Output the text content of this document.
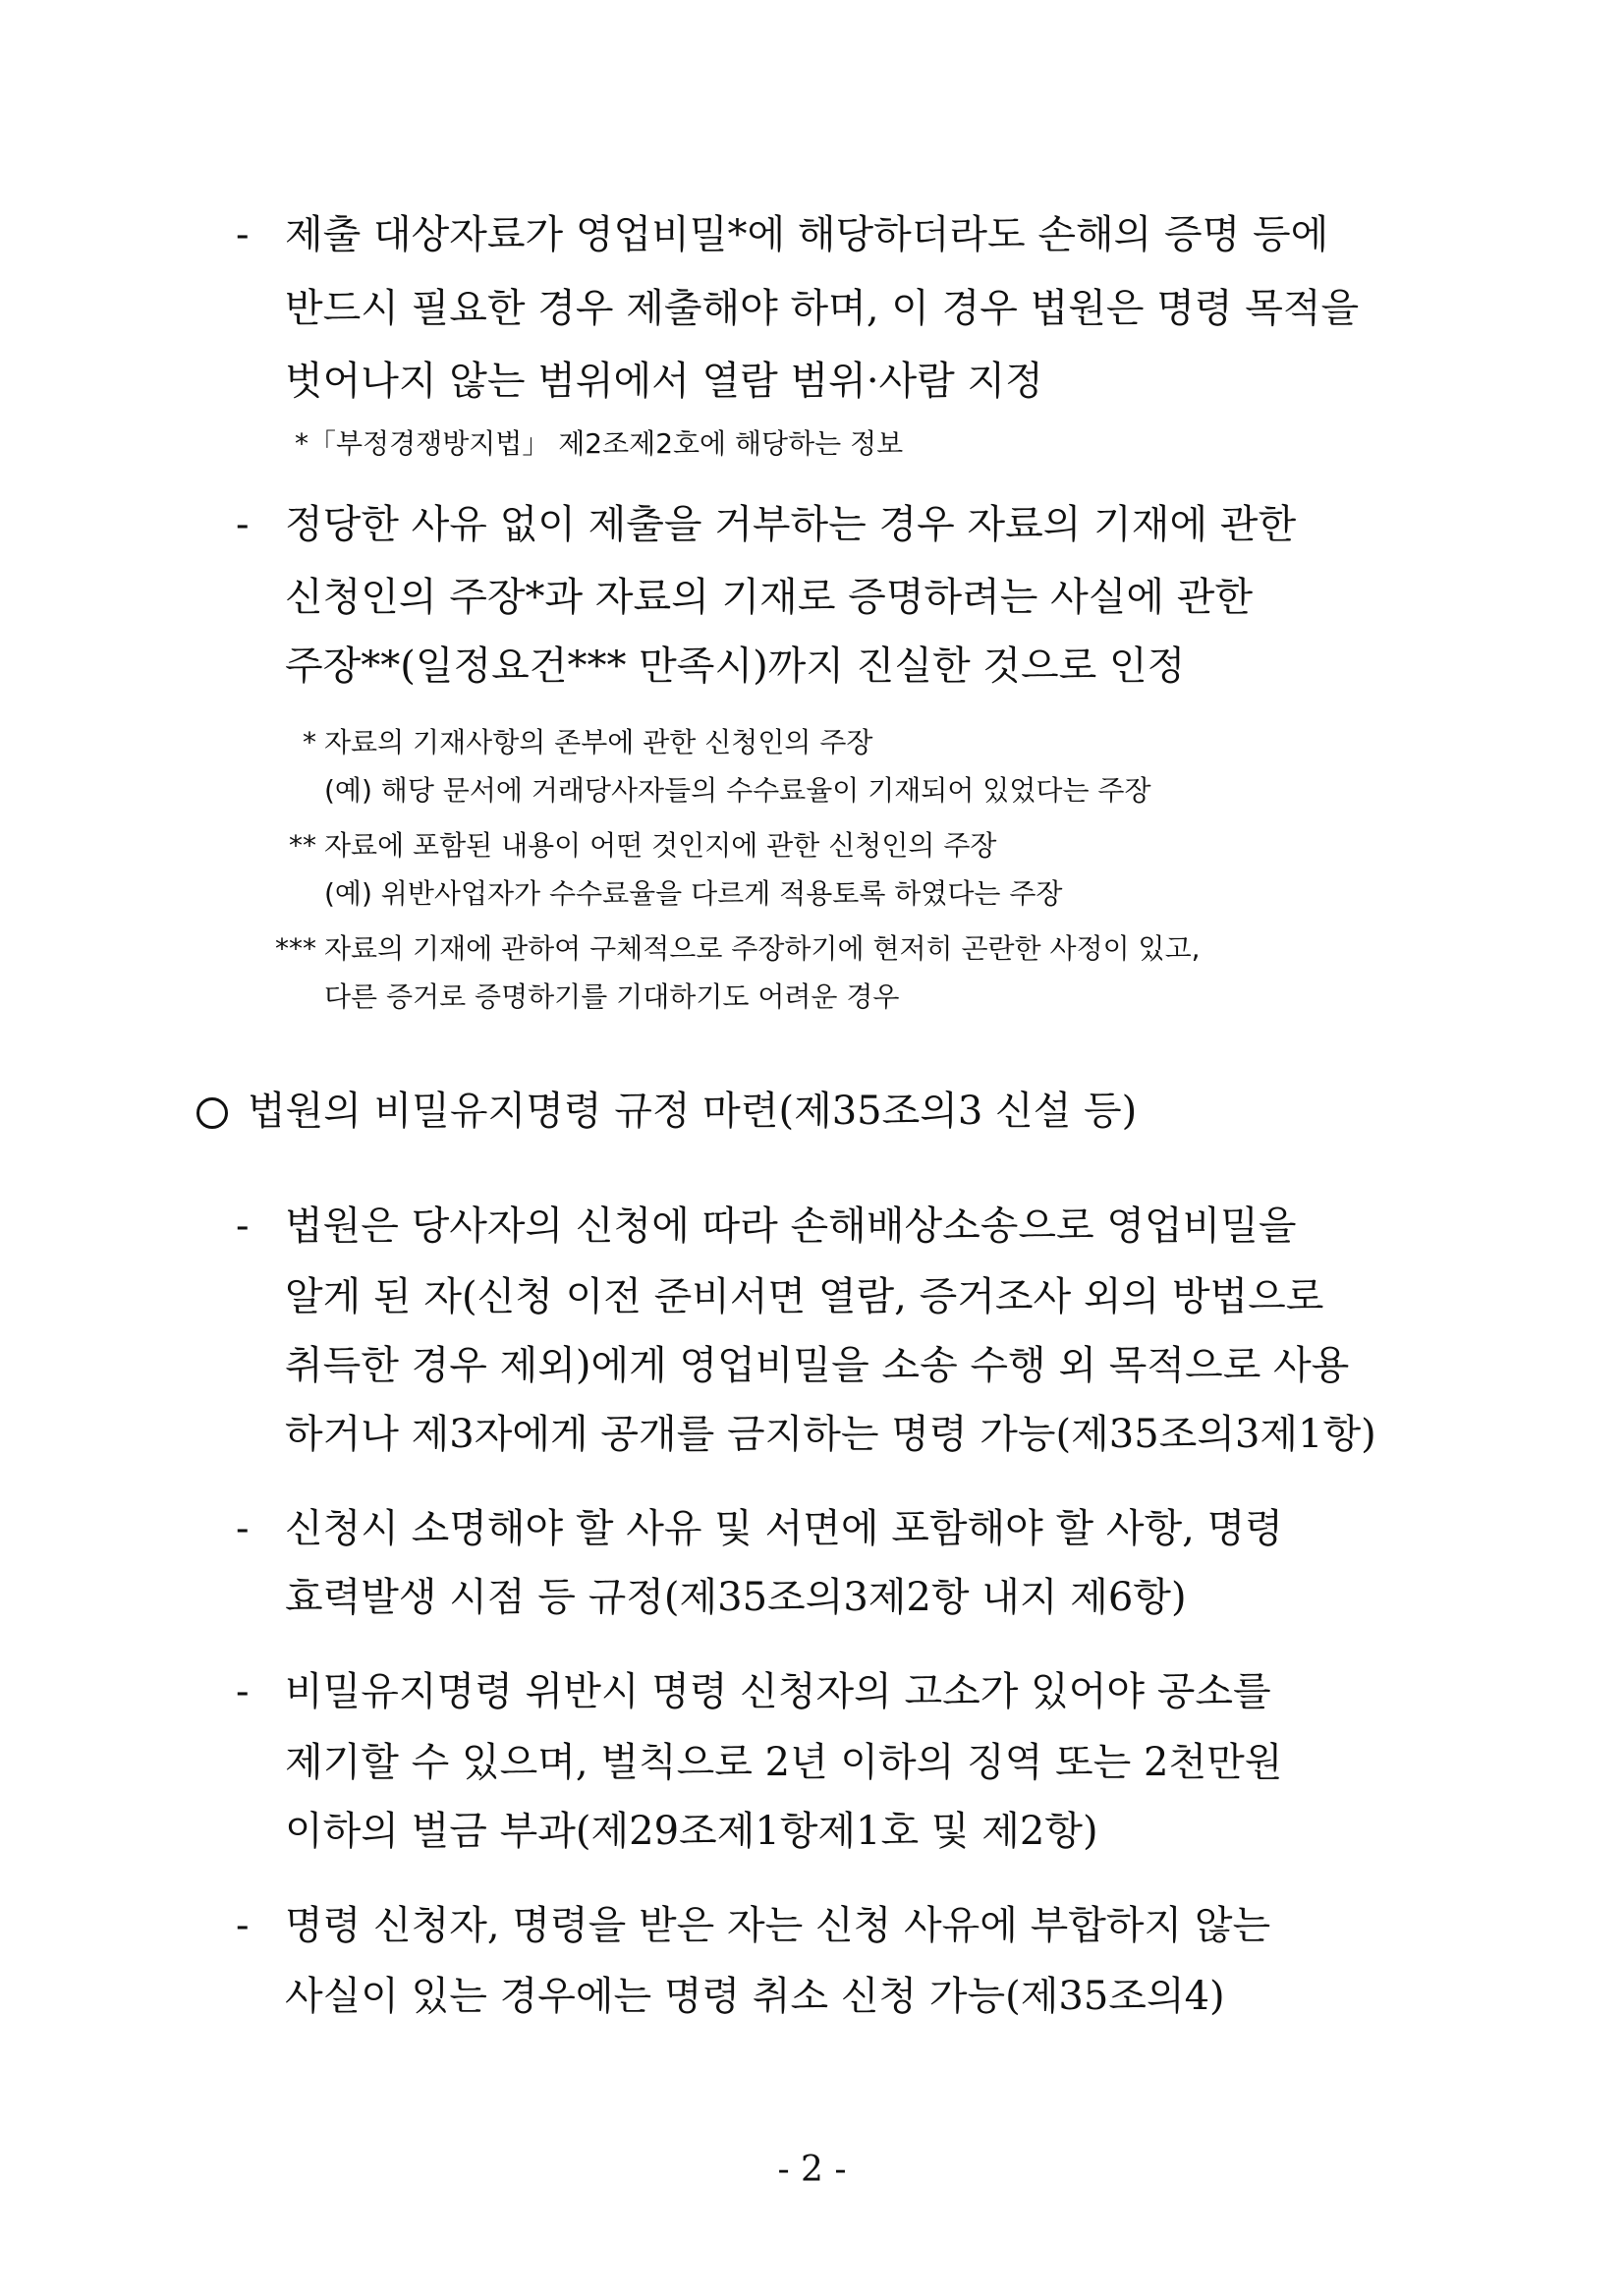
- 제출 대상자료가 영업비밀*에 해당하더라도 손해의 증명 등에
반드시 필요한 경우 제출해야 하며, 이 경우 법원은 명령 목적을
벗어나지 않는 범위에서 열람 범위·사람 지정
*「부정경쟁방지법」 제2조제2호에 해당하는 정보
- 정당한 사유 없이 제출을 거부하는 경우 자료의 기재에 관한
신청인의 주장*과 자료의 기재로 증명하려는 사실에 관한
주장**(일정요건*** 만족시)까지 진실한 것으로 인정
* 자료의 기재사항의 존부에 관한 신청인의 주장
(예) 해당 문서에 거래당사자들의 수수료율이 기재되어 있었다는 주장
** 자료에 포함된 내용이 어떤 것인지에 관한 신청인의 주장
(예) 위반사업자가 수수료율을 다르게 적용토록 하였다는 주장
*** 자료의 기재에 관하여 구체적으로 주장하기에 현저히 곤란한 사정이 있고,
다른 증거로 증명하기를 기대하기도 어려운 경우
법원의 비밀유지명령 규정 마련(제35조의3 신설 등)
- 법원은 당사자의 신청에 따라 손해배상소송으로 영업비밀을
알게 된 자(신청 이전 준비서면 열람, 증거조사 외의 방법으로
취득한 경우 제외)에게 영업비밀을 소송 수행 외 목적으로 사용
하거나 제3자에게 공개를 금지하는 명령 가능(제35조의3제1항)
- 신청시 소명해야 할 사유 및 서면에 포함해야 할 사항, 명령
효력발생 시점 등 규정(제35조의3제2항 내지 제6항)
- 비밀유지명령 위반시 명령 신청자의 고소가 있어야 공소를
제기할 수 있으며, 벌칙으로 2년 이하의 징역 또는 2천만원
이하의 벌금 부과(제29조제1항제1호 및 제2항)
- 명령 신청자, 명령을 받은 자는 신청 사유에 부합하지 않는
사실이 있는 경우에는 명령 취소 신청 가능(제35조의4)
- 2 -
